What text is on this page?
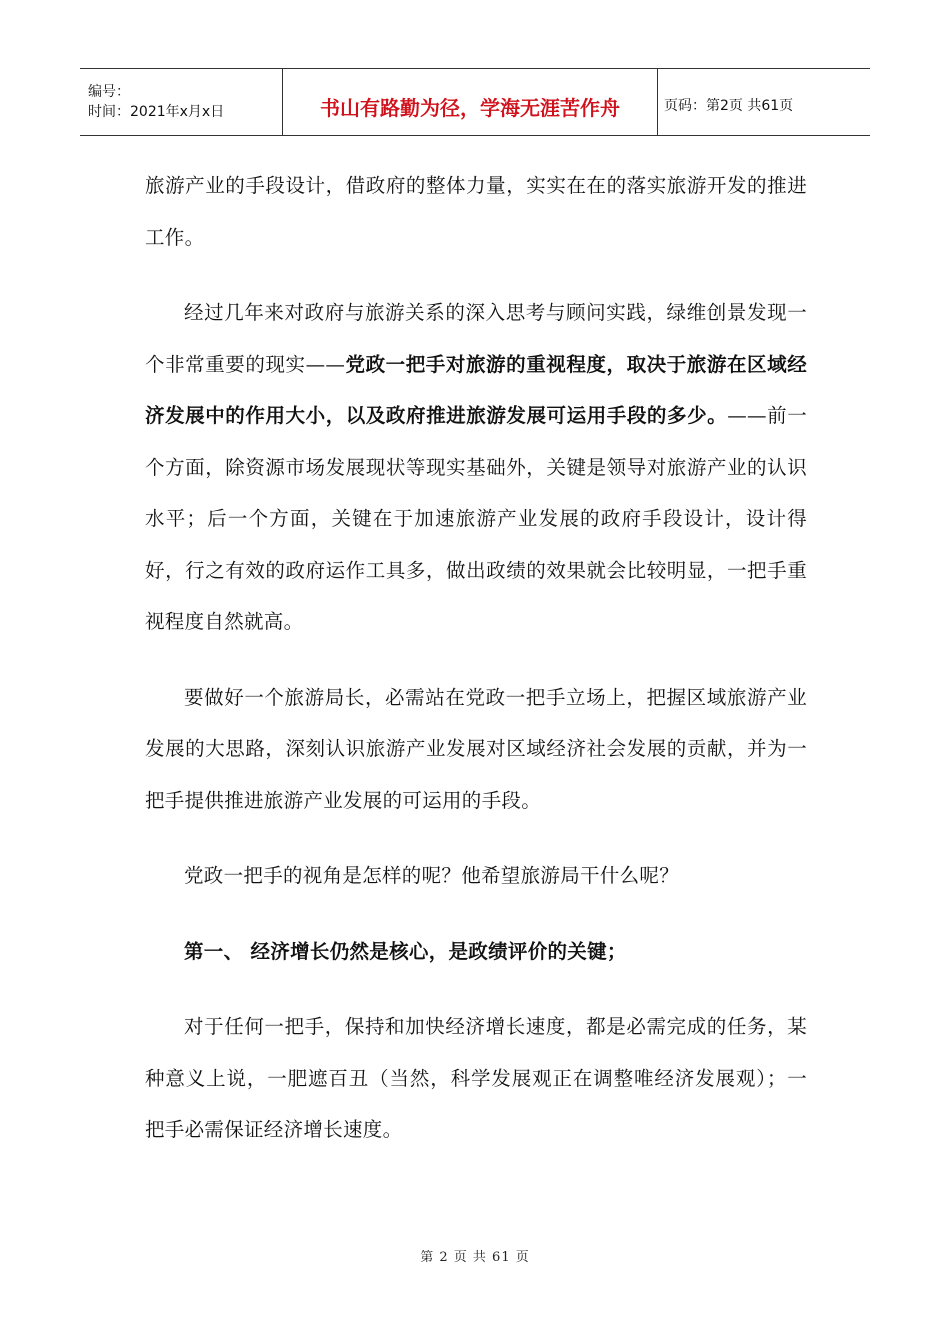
编号：
时间：2021年x月x日	书山有路勤为径，学海无涯苦作舟	页码：第2页 共61页

旅游产业的手段设计，借政府的整体力量，实实在在的落实旅游开发的推进工作。

经过几年来对政府与旅游关系的深入思考与顾问实践，绿维创景发现一个非常重要的现实——党政一把手对旅游的重视程度，取决于旅游在区域经济发展中的作用大小，以及政府推进旅游发展可运用手段的多少。——前一个方面，除资源市场发展现状等现实基础外，关键是领导对旅游产业的认识水平；后一个方面，关键在于加速旅游产业发展的政府手段设计，设计得好，行之有效的政府运作工具多，做出政绩的效果就会比较明显，一把手重视程度自然就高。

要做好一个旅游局长，必需站在党政一把手立场上，把握区域旅游产业发展的大思路，深刻认识旅游产业发展对区域经济社会发展的贡献，并为一把手提供推进旅游产业发展的可运用的手段。

党政一把手的视角是怎样的呢？他希望旅游局干什么呢？

第一、 经济增长仍然是核心，是政绩评价的关键；

对于任何一把手，保持和加快经济增长速度，都是必需完成的任务，某种意义上说，一肥遮百丑（当然，科学发展观正在调整唯经济发展观）；一把手必需保证经济增长速度。

第 2 页 共 61 页
